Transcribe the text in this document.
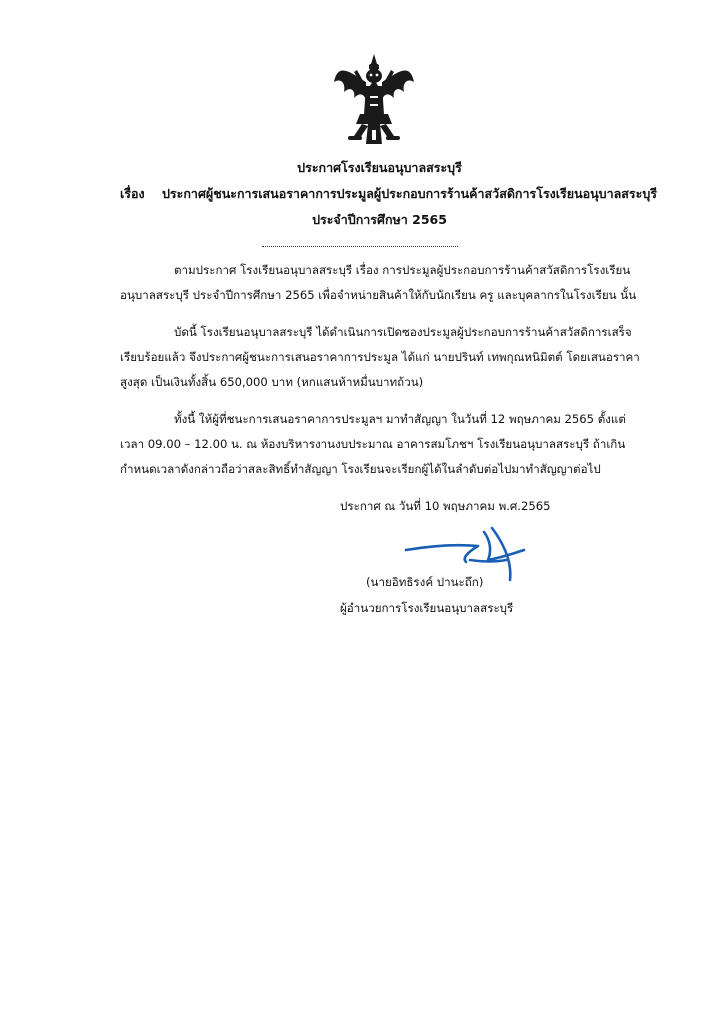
ประกาศโรงเรียนอนุบาลสระบุรี
เรื่อง ประกาศผู้ชนะการเสนอราคาการประมูลผู้ประกอบการร้านค้าสวัสดิการโรงเรียนอนุบาลสระบุรี
ประจำปีการศึกษา 2565
ตามประกาศ โรงเรียนอนุบาลสระบุรี เรื่อง การประมูลผู้ประกอบการร้านค้าสวัสดิการโรงเรียน
อนุบาลสระบุรี ประจำปีการศึกษา 2565 เพื่อจำหน่ายสินค้าให้กับนักเรียน ครู และบุคลากรในโรงเรียน นั้น
บัดนี้ โรงเรียนอนุบาลสระบุรี ได้ดำเนินการเปิดซองประมูลผู้ประกอบการร้านค้าสวัสดิการเสร็จ
เรียบร้อยแล้ว จึงประกาศผู้ชนะการเสนอราคาการประมูล ได้แก่ นายปรินท์ เทพกุณหนิมิตต์ โดยเสนอราคา
สูงสุด เป็นเงินทั้งสิ้น 650,000 บาท (หกแสนห้าหมื่นบาทถ้วน)
ทั้งนี้ ให้ผู้ที่ชนะการเสนอราคาการประมูลฯ มาทำสัญญา ในวันที่ 12 พฤษภาคม 2565 ตั้งแต่
เวลา 09.00 – 12.00 น. ณ ห้องบริหารงานงบประมาณ อาคารสมโภชฯ โรงเรียนอนุบาลสระบุรี ถ้าเกิน
กำหนดเวลาดังกล่าวถือว่าสละสิทธิ์ทำสัญญา โรงเรียนจะเรียกผู้ได้ในลำดับต่อไปมาทำสัญญาต่อไป
ประกาศ ณ วันที่ 10 พฤษภาคม พ.ศ.2565
(นายอิทธิรงค์ ปานะถึก)
ผู้อำนวยการโรงเรียนอนุบาลสระบุรี
